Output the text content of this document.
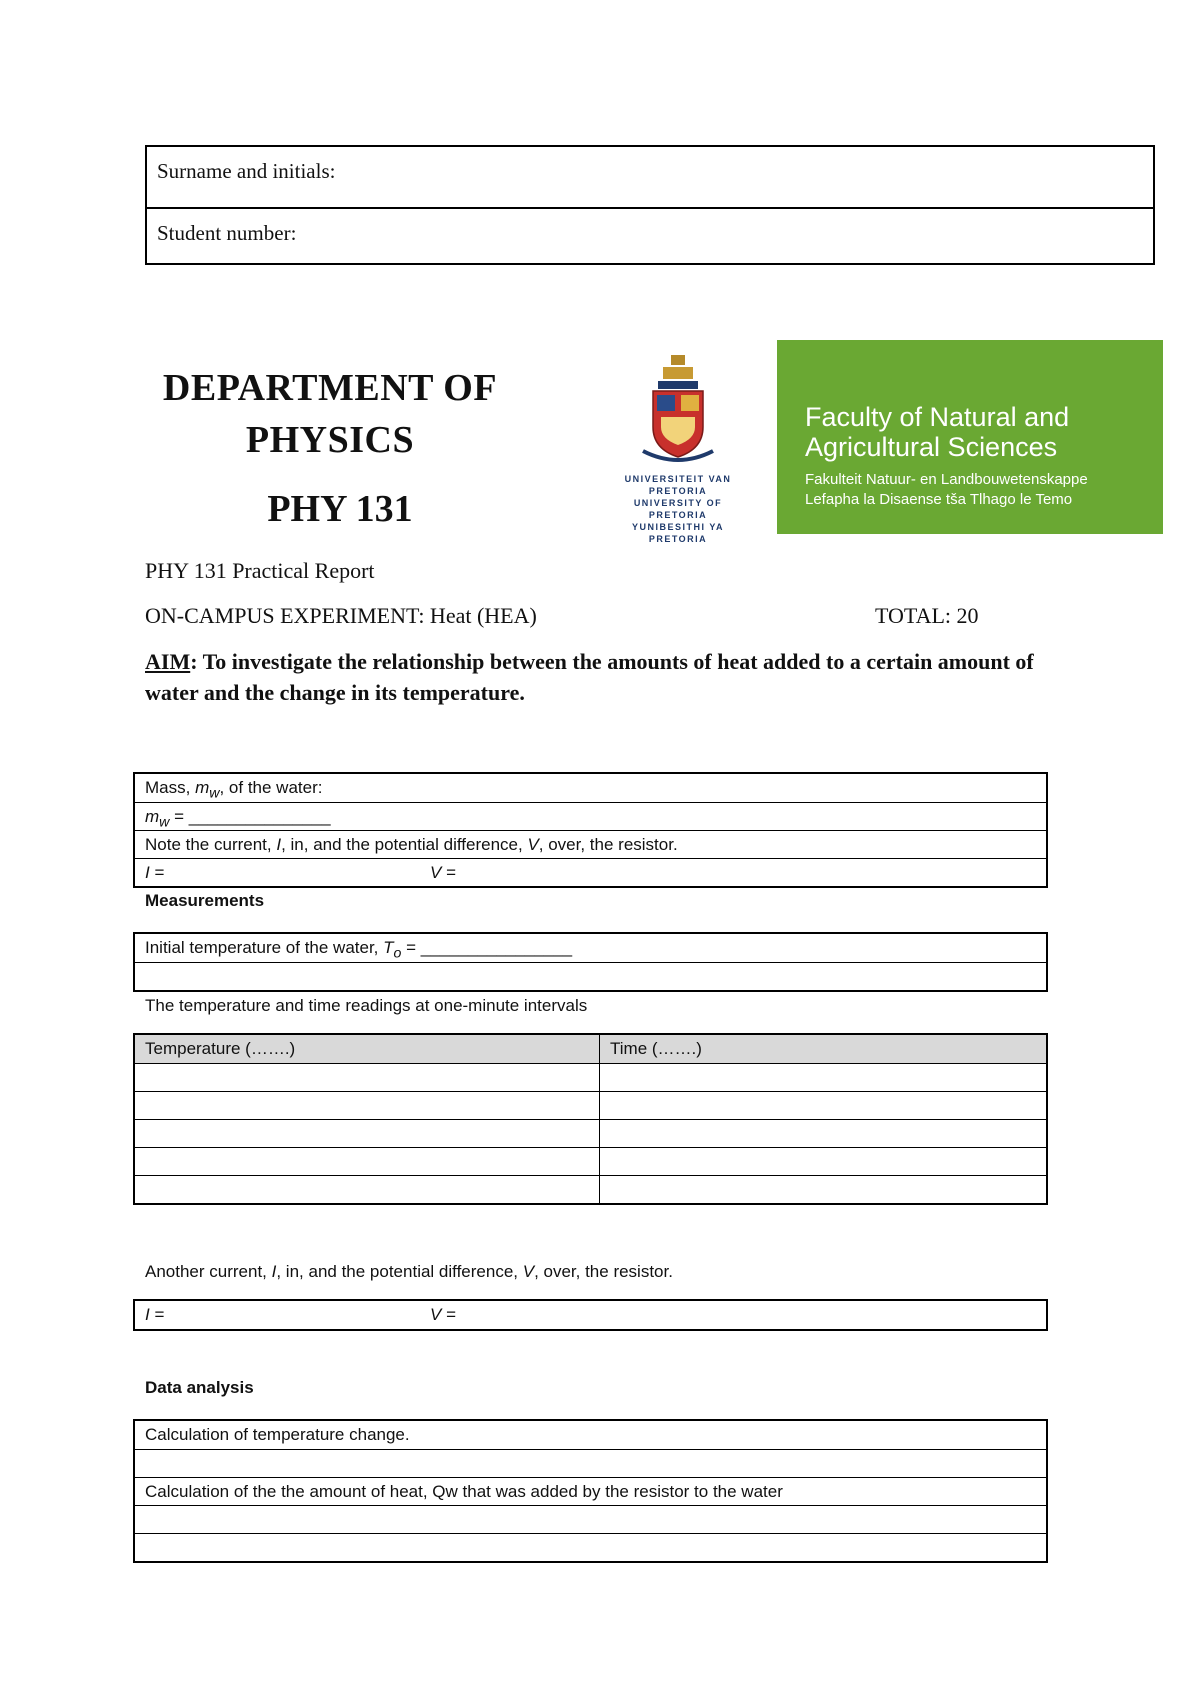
Surname and initials:
Student number:
DEPARTMENT OF
PHYSICS
PHY 131
UNIVERSITEIT VAN PRETORIA
UNIVERSITY OF PRETORIA
YUNIBESITHI YA PRETORIA
Faculty of Natural and
Agricultural Sciences
Fakulteit Natuur- en Landbouwetenskappe
Lefapha la Disaense tša Tlhago le Temo
PHY 131 Practical Report
ON-CAMPUS EXPERIMENT: Heat (HEA)	TOTAL: 20
AIM: To investigate the relationship between the amounts of heat added to a certain amount of water and the change in its temperature.
Mass, $m_w$, of the water:
$m_w$ = _______________
Note the current, I, in, and the potential difference, V, over, the resistor.
I =	V =
Measurements
Initial temperature of the water, $T_o$ = ________________
The temperature and time readings at one-minute intervals
Temperature (…….)	Time (…….)
Another current, I, in, and the potential difference, V, over, the resistor.
I =	V =
Data analysis
Calculation of temperature change.
Calculation of the the amount of heat, Qw that was added by the resistor to the water
